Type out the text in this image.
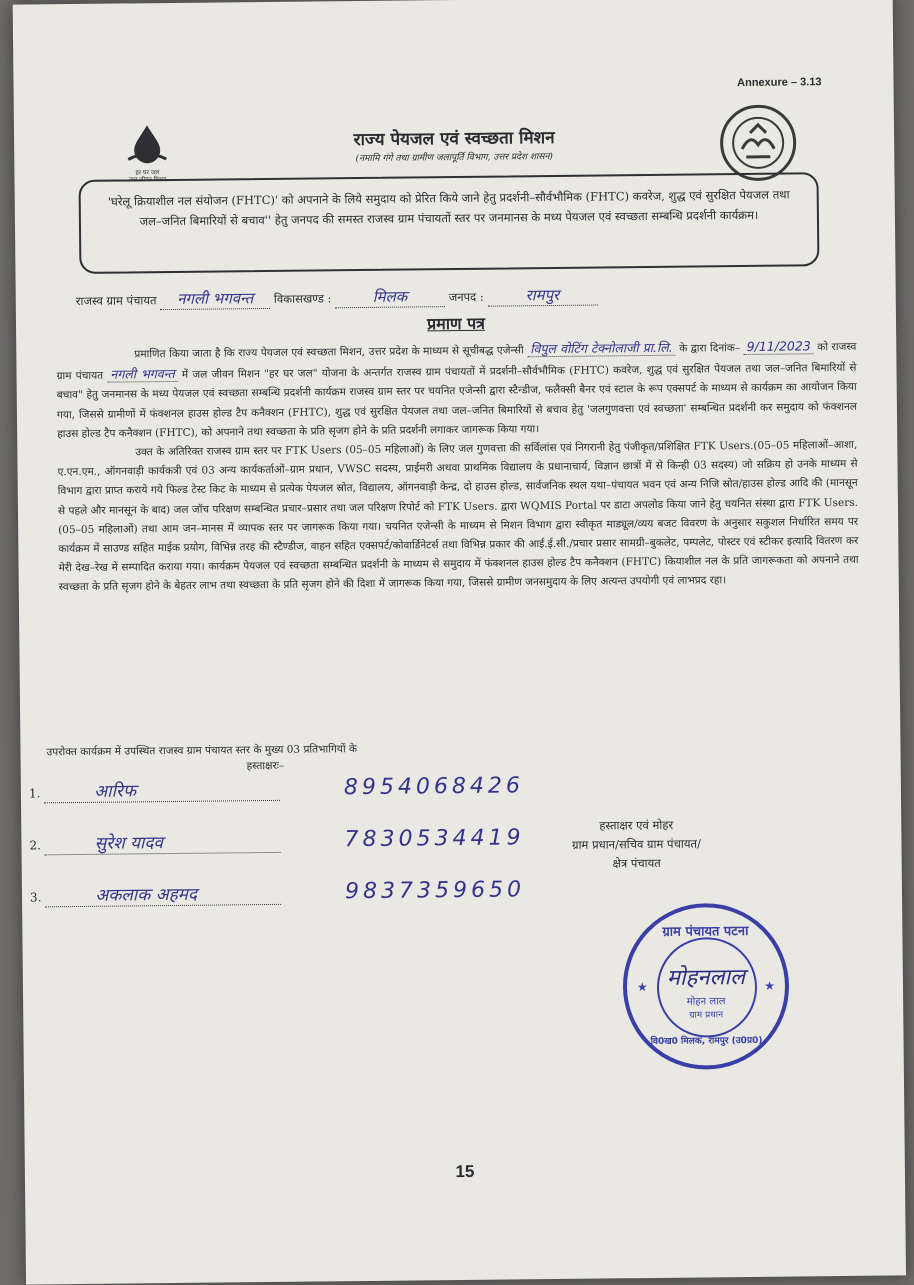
Annexure – 3.13
हर घर जल
जल जीवन मिशन
राज्य पेयजल एवं स्वच्छता मिशन
(नमामि गंगे तथा ग्रामीण जलापूर्ति विभाग, उत्तर प्रदेश शासन)
'घरेलू क्रियाशील नल संयोजन (FHTC)' को अपनाने के लिये समुदाय को प्रेरित किये जाने हेतु प्रदर्शनी–सौर्वभौमिक (FHTC) कवरेज, शुद्ध एवं सुरक्षित पेयजल तथा जल–जनित बिमारियों से बचाव'' हेतु जनपद की समस्त राजस्व ग्राम पंचायतों स्तर पर जनमानस के मध्य पेयजल एवं स्वच्छता सम्बन्धि प्रदर्शनी कार्यक्रम।
राजस्व ग्राम पंचायत नगली भगवन्त विकासखण्ड :	मिलक	जनपद :	रामपुर
प्रमाण पत्र

प्रमाणित किया जाता है कि राज्य पेयजल एवं स्वच्छता मिशन, उत्तर प्रदेश के माध्यम से सूचीबद्ध एजेन्सी विपुल वोटिंग टेक्नोलाजी प्रा.लि. के द्वारा दिनांक– 9/11/2023 को राजस्व ग्राम पंचायत नगली भगवन्त में जल जीवन मिशन "हर घर जल" योजना के अन्तर्गत राजस्व ग्राम पंचायतों में प्रदर्शनी–सौर्वभौमिक (FHTC) कवरेज, शुद्ध एवं सुरक्षित पेयजल तथा जल–जनित बिमारियों से बचाव" हेतु जनमानस के मध्य पेयजल एवं स्वच्छता सम्बन्धि प्रदर्शनी कार्यक्रम राजस्व ग्राम स्तर पर चयनित एजेन्सी द्वारा स्टैन्डीज, फलैक्सी बैनर एवं स्टाल के रूप एक्सपर्ट के माध्यम से कार्यक्रम का आयोजन किया गया, जिससे ग्रामीणों में फंक्शनल हाउस होल्ड टैप कनैक्शन (FHTC), शुद्ध एवं सुरक्षित पेयजल तथा जल–जनित बिमारियों से बचाव हेतु 'जलगुणवत्ता एवं स्वच्छता' सम्बन्धित प्रदर्शनी कर समुदाय को फंक्शनल हाउस होल्ड टैप कनैक्शन (FHTC), को अपनाने तथा स्वच्छता के प्रति सृजग होने के प्रति प्रदर्शनी लगाकर जागरूक किया गया।

उक्त के अतिरिक्त राजस्व ग्राम स्तर पर FTK Users (05–05 महिलाओं) के लिए जल गुणवत्ता की सर्विलांस एवं निगरानी हेतु पंजीकृत/प्रशिक्षित FTK Users.(05–05 महिलाओं–आशा, ए.एन.एम., ऑगनवाड़ी कार्यकत्री एवं 03 अन्य कार्यकर्ताओं–ग्राम प्रधान, VWSC सदस्य, प्राईमरी अथवा प्राथमिक विद्यालय के प्रधानाचार्य, विज्ञान छात्रों में से किन्ही 03 सदस्य) जो सक्रिय हो उनके माध्यम से विभाग द्वारा प्राप्त कराये गये फिल्ड टेस्ट किट के माध्यम से प्रत्येक पेयजल स्रोत, विद्यालय, ऑगनवाड़ी केन्द्र, दो हाउस होल्ड, सार्वजनिक स्थल यथा–पंचायत भवन एवं अन्य निजि स्रोत/हाउस होल्ड आदि की (मानसून से पहले और मानसून के बाद) जल जॉच परिक्षण सम्बन्धित प्रचार–प्रसार तथा जल परिक्षण रिपोर्ट को FTK Users. द्वारा WQMIS Portal पर डाटा अपलोड किया जाने हेतु चयनित संस्था द्वारा FTK Users.(05–05 महिलाओं) तथा आम जन–मानस में व्यापक स्तर पर जागरूक किया गया। चयनित एजेन्सी के माध्यम से मिशन विभाग द्वारा स्वीकृत माड्यूल/व्यय बजट विवरण के अनुसार सकुशल निर्धारित समय पर कार्यक्रम में साउण्ड सहित माईक प्रयोग, विभिन्न तरह की स्टैण्डीज, वाहन सहित एक्सपर्ट/कोवार्डिनेटर्स तथा विभिन्न प्रकार की आई.ई.सी./प्रचार प्रसार सामग्री–बुकलेट, पम्पलेट, पोस्टर एवं स्टीकर इत्यादि वितरण कर मेरी देख–रेख में सम्पादित कराया गया। कार्यक्रम पेयजल एवं स्वच्छता सम्बन्धित प्रदर्शनी के माध्यम से समुदाय में फंक्शनल हाउस होल्ड टैप कनैक्शन (FHTC) कियाशील नल के प्रति जागरूकता को अपनाने तथा स्वच्छता के प्रति सृजग होने के बेहतर लाभ तथा स्वच्छता के प्रति सृजग होने की दिशा में जागरूक किया गया, जिससे ग्रामीण जनसमुदाय के लिए अत्यन्त उपयोगी एवं लाभप्रद रहा।

उपरोक्त कार्यक्रम में उपस्थित राजस्व ग्राम पंचायत स्तर के मुख्य 03 प्रतिभागियों के
हस्ताक्षरः–
1.	आरिफ	8954068426
2.	सुरेश यादव	7830534419
3.	अकलाक अहमद	9837359650
हस्ताक्षर एवं मोहर
ग्राम प्रधान/सचिव ग्राम पंचायत/
क्षेत्र पंचायत
ग्राम पंचायत पटना
मोहनलाल
मोहन लाल
ग्राम प्रधान
वि0ख0 मिलक, रामपुर (उ0प्र0)
★	★
15
